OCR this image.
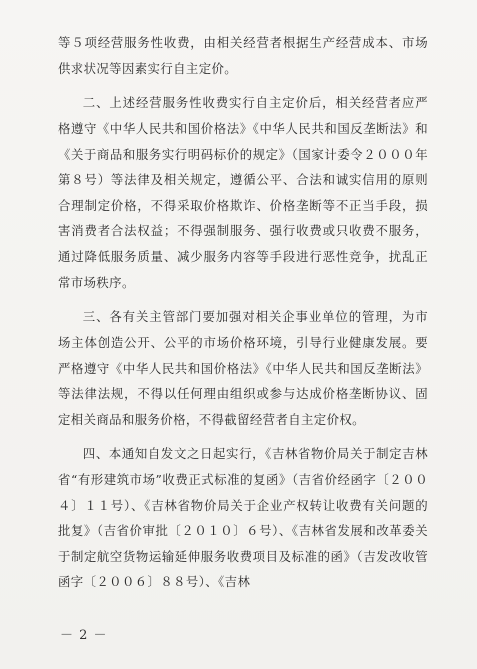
等５项经营服务性收费，由相关经营者根据生产经营成本、市场供求状况等因素实行自主定价。

二、上述经营服务性收费实行自主定价后，相关经营者应严格遵守《中华人民共和国价格法》《中华人民共和国反垄断法》和《关于商品和服务实行明码标价的规定》（国家计委令２０００年第８号）等法律及相关规定，遵循公平、合法和诚实信用的原则合理制定价格，不得采取价格欺诈、价格垄断等不正当手段，损害消费者合法权益；不得强制服务、强行收费或只收费不服务，通过降低服务质量、减少服务内容等手段进行恶性竞争，扰乱正常市场秩序。

三、各有关主管部门要加强对相关企事业单位的管理，为市场主体创造公开、公平的市场价格环境，引导行业健康发展。要严格遵守《中华人民共和国价格法》《中华人民共和国反垄断法》等法律法规，不得以任何理由组织或参与达成价格垄断协议、固定相关商品和服务价格，不得截留经营者自主定价权。

四、本通知自发文之日起实行，《吉林省物价局关于制定吉林省“有形建筑市场”收费正式标准的复函》（吉省价经函字〔２００４〕１１号）、《吉林省物价局关于企业产权转让收费有关问题的批复》（吉省价审批〔２０１０〕６号）、《吉林省发展和改革委关于制定航空货物运输延伸服务收费项目及标准的函》（吉发改收管函字〔２００６〕８８号）、《吉林

－ 2 －
